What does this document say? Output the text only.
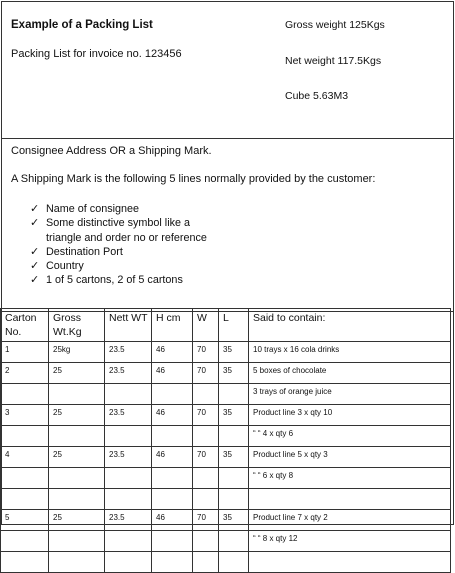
Example of a Packing List
Packing List for invoice no. 123456
Gross weight 125Kgs
Net weight 117.5Kgs
Cube 5.63M3
Consignee Address OR a Shipping Mark.
A Shipping Mark is the following 5 lines normally provided by the customer:
✓ Name of consignee
✓ Some distinctive symbol like a
triangle and order no or reference
✓ Destination Port
✓ Country
✓ 1 of 5 cartons, 2 of 5 cartons
Carton No.	Gross Wt.Kg	Nett WT	H cm	W	L	Said to contain:
1	25kg	23.5	46	70	35	10 trays x 16 cola drinks
2	25	23.5	46	70	35	5 boxes of chocolate
						3 trays of orange juice
3	25	23.5	46	70	35	Product line 3 x qty 10
						“ “ 4 x qty 6
4	25	23.5	46	70	35	Product line 5 x qty 3
						“ “ 6 x qty 8

5	25	23.5	46	70	35	Product line 7 x qty 2
						“ “ 8 x qty 12
